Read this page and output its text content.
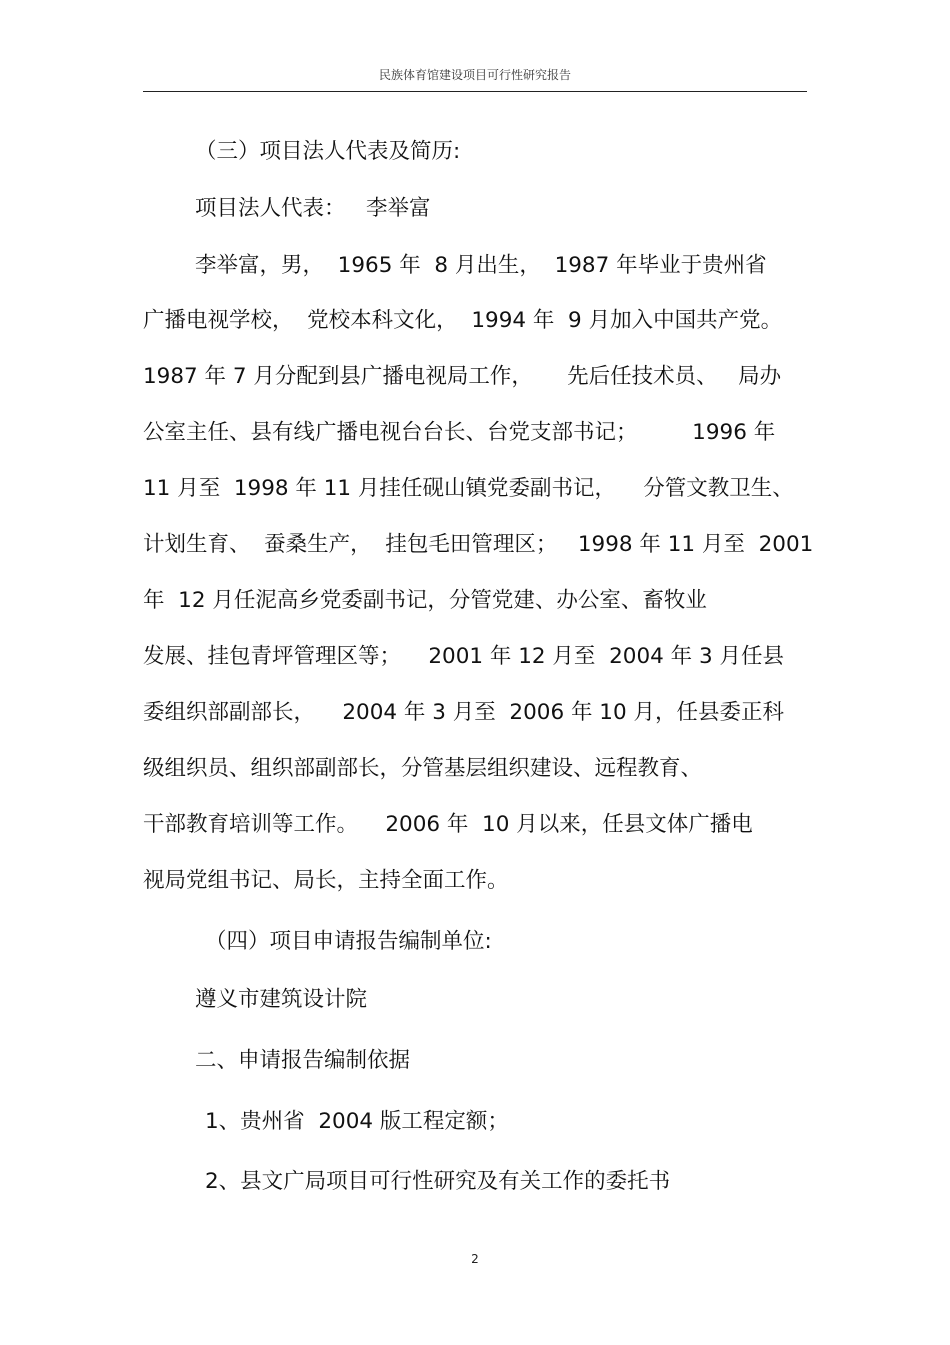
民族体育馆建设项目可行性研究报告
（三）项目法人代表及简历:
项目法人代表：   李举富
李举富，男，  1965 年  8 月出生，  1987 年毕业于贵州省
广播电视学校，  党校本科文化，  1994 年  9 月加入中国共产党。
1987 年 7 月分配到县广播电视局工作，     先后任技术员、   局办
公室主任、县有线广播电视台台长、台党支部书记；        1996 年
11 月至  1998 年 11 月挂任砚山镇党委副书记，    分管文教卫生、
计划生育、  蚕桑生产，  挂包毛田管理区；   1998 年 11 月至  2001
年  12 月任泥高乡党委副书记，分管党建、办公室、畜牧业
发展、挂包青坪管理区等；    2001 年 12 月至  2004 年 3 月任县
委组织部副部长，    2004 年 3 月至  2006 年 10 月，任县委正科
级组织员、组织部副部长，分管基层组织建设、远程教育、
干部教育培训等工作。    2006 年  10 月以来，任县文体广播电
视局党组书记、局长，主持全面工作。
（四）项目申请报告编制单位:
遵义市建筑设计院
二、申请报告编制依据
1、贵州省  2004 版工程定额；
2、县文广局项目可行性研究及有关工作的委托书
2
